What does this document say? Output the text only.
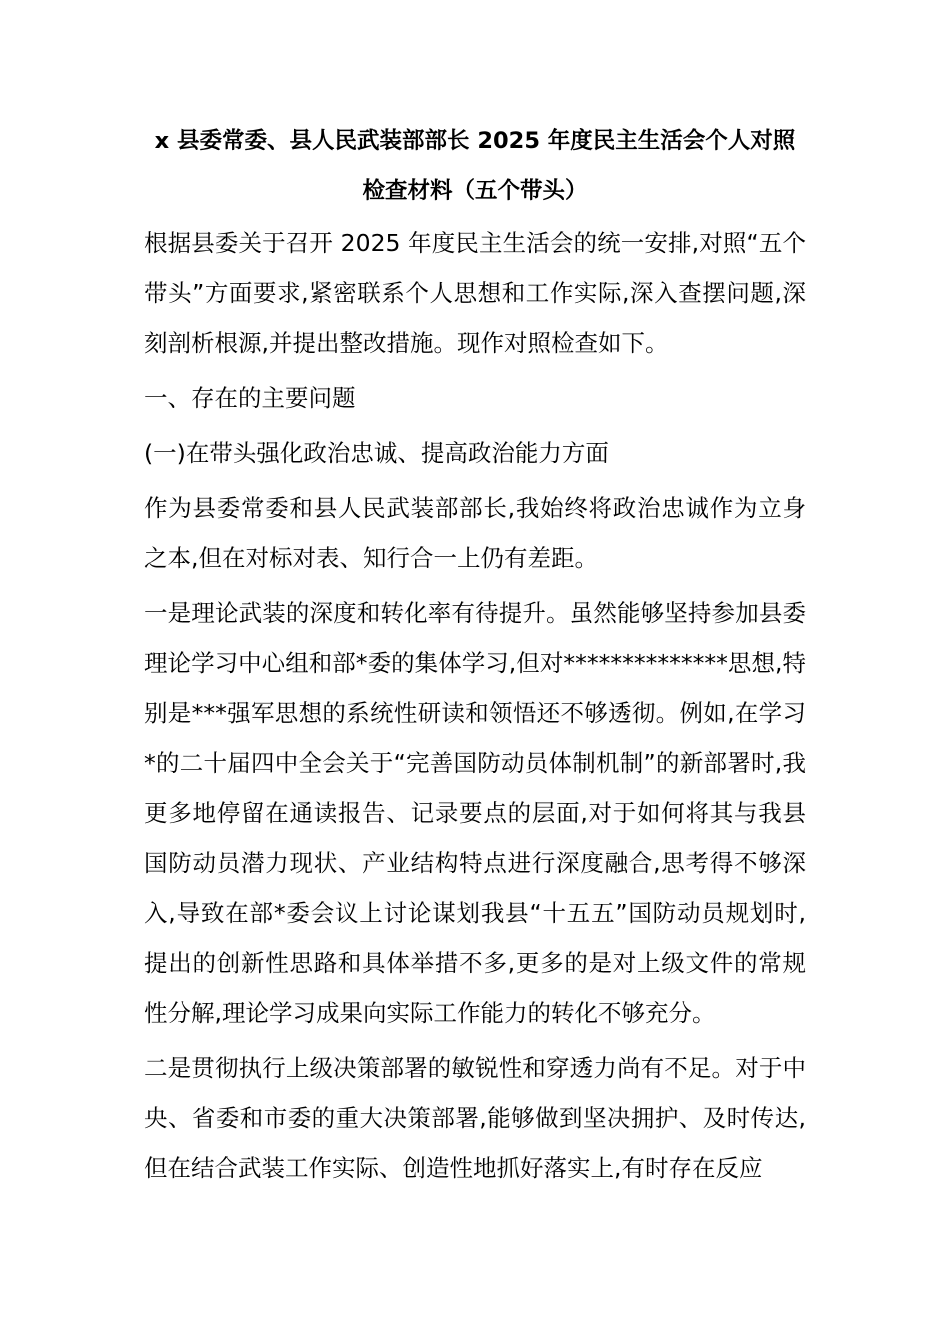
x 县委常委、县人民武装部部长 2025 年度民主生活会个人对照
检查材料（五个带头）

根据县委关于召开 2025 年度民主生活会的统一安排,对照“五个带头”方面要求,紧密联系个人思想和工作实际,深入查摆问题,深刻剖析根源,并提出整改措施。现作对照检查如下。

一、存在的主要问题

(一)在带头强化政治忠诚、提高政治能力方面

作为县委常委和县人民武装部部长,我始终将政治忠诚作为立身之本,但在对标对表、知行合一上仍有差距。

一是理论武装的深度和转化率有待提升。虽然能够坚持参加县委理论学习中心组和部*委的集体学习,但对**************思想,特别是***强军思想的系统性研读和领悟还不够透彻。例如,在学习*的二十届四中全会关于“完善国防动员体制机制”的新部署时,我更多地停留在通读报告、记录要点的层面,对于如何将其与我县国防动员潜力现状、产业结构特点进行深度融合,思考得不够深入,导致在部*委会议上讨论谋划我县“十五五”国防动员规划时,提出的创新性思路和具体举措不多,更多的是对上级文件的常规性分解,理论学习成果向实际工作能力的转化不够充分。

二是贯彻执行上级决策部署的敏锐性和穿透力尚有不足。对于中央、省委和市委的重大决策部署,能够做到坚决拥护、及时传达,但在结合武装工作实际、创造性地抓好落实上,有时存在反应
